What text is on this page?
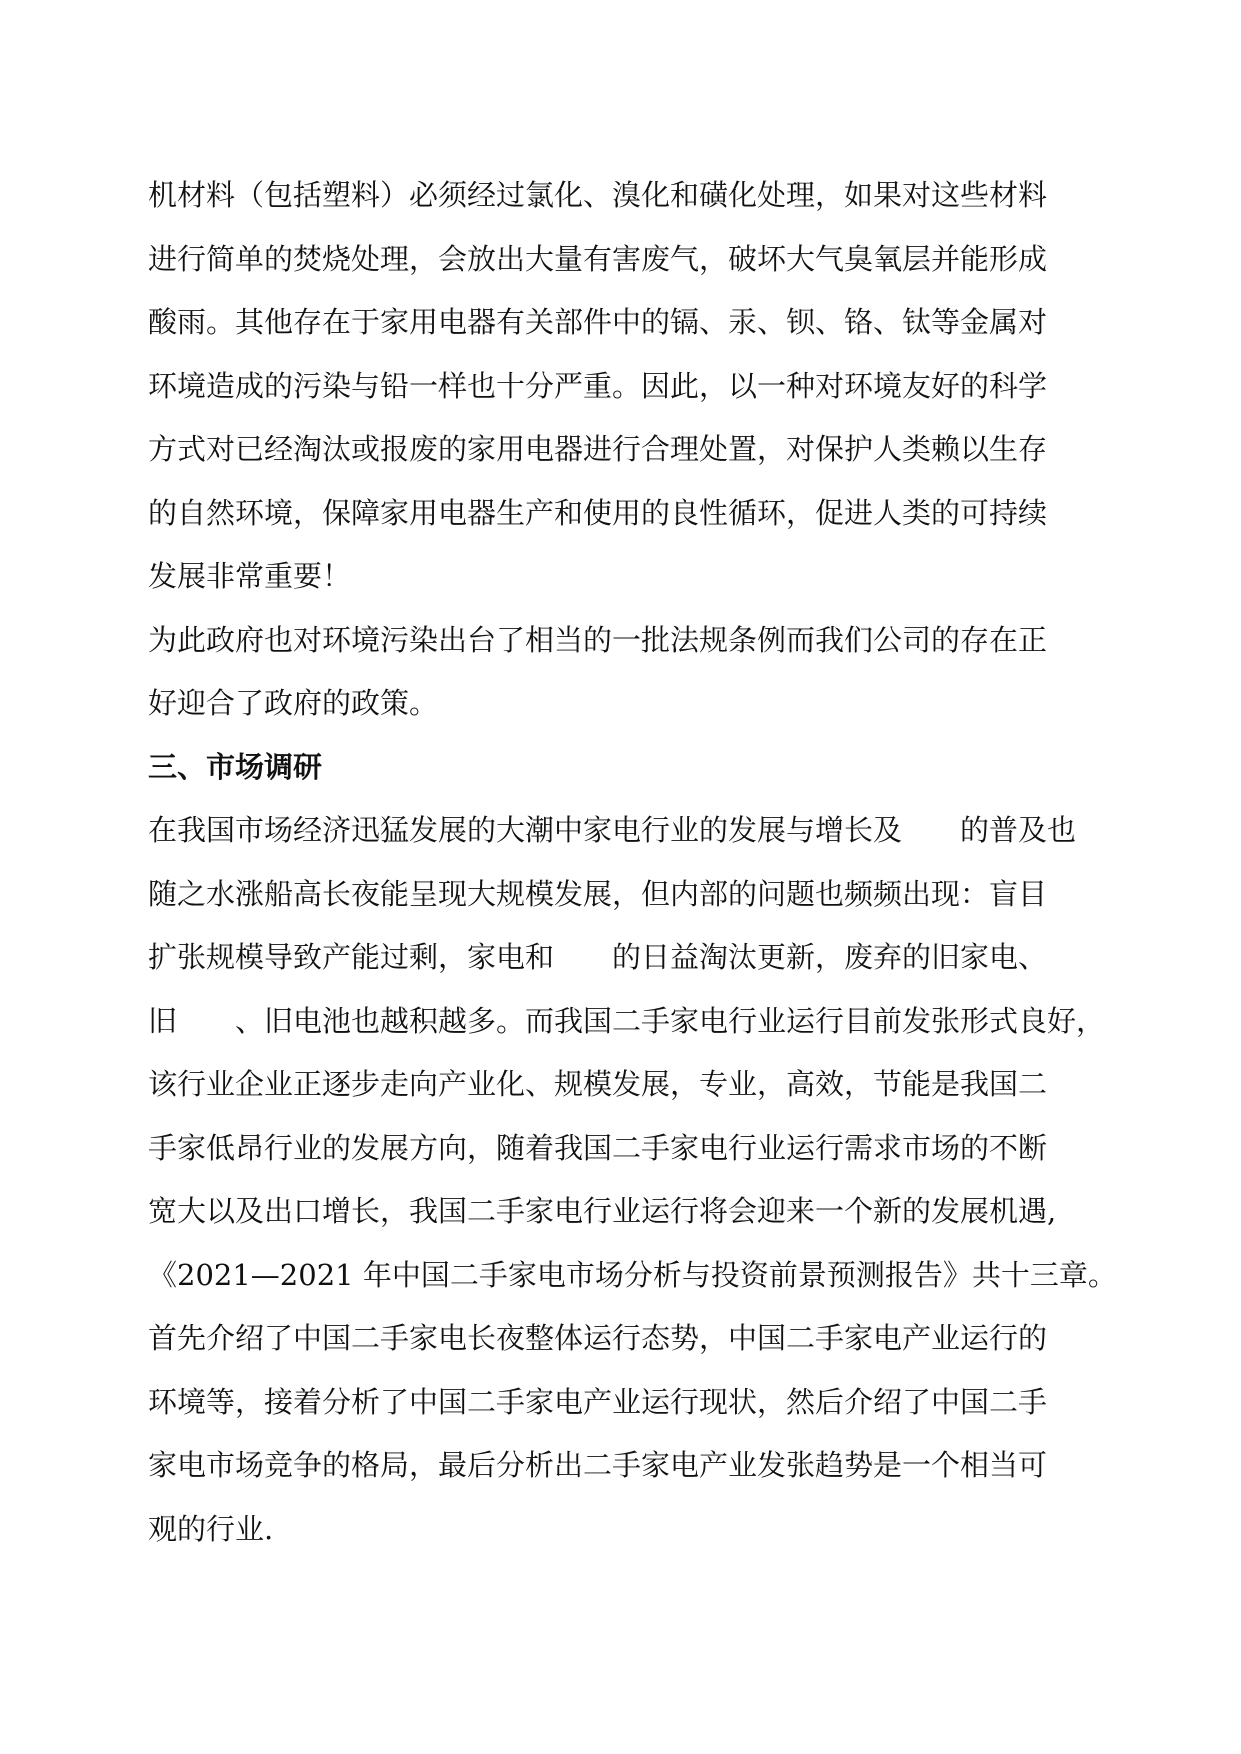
机材料（包括塑料）必须经过氯化、溴化和磺化处理，如果对这些材料
进行简单的焚烧处理，会放出大量有害废气，破坏大气臭氧层并能形成
酸雨。其他存在于家用电器有关部件中的镉、汞、钡、铬、钛等金属对
环境造成的污染与铅一样也十分严重。因此，以一种对环境友好的科学
方式对已经淘汰或报废的家用电器进行合理处置，对保护人类赖以生存
的自然环境，保障家用电器生产和使用的良性循环，促进人类的可持续
发展非常重要！
为此政府也对环境污染出台了相当的一批法规条例而我们公司的存在正
好迎合了政府的政策。
三、市场调研
在我国市场经济迅猛发展的大潮中家电行业的发展与增长及　　的普及也
随之水涨船高长夜能呈现大规模发展，但内部的问题也频频出现：盲目
扩张规模导致产能过剩，家电和　　的日益淘汰更新，废弃的旧家电、
旧　　、旧电池也越积越多。而我国二手家电行业运行目前发张形式良好，
该行业企业正逐步走向产业化、规模发展，专业，高效，节能是我国二
手家低昂行业的发展方向，随着我国二手家电行业运行需求市场的不断
宽大以及出口增长，我国二手家电行业运行将会迎来一个新的发展机遇,
《2021—2021 年中国二手家电市场分析与投资前景预测报告》共十三章。
首先介绍了中国二手家电长夜整体运行态势，中国二手家电产业运行的
环境等，接着分析了中国二手家电产业运行现状，然后介绍了中国二手
家电市场竞争的格局，最后分析出二手家电产业发张趋势是一个相当可
观的行业.
